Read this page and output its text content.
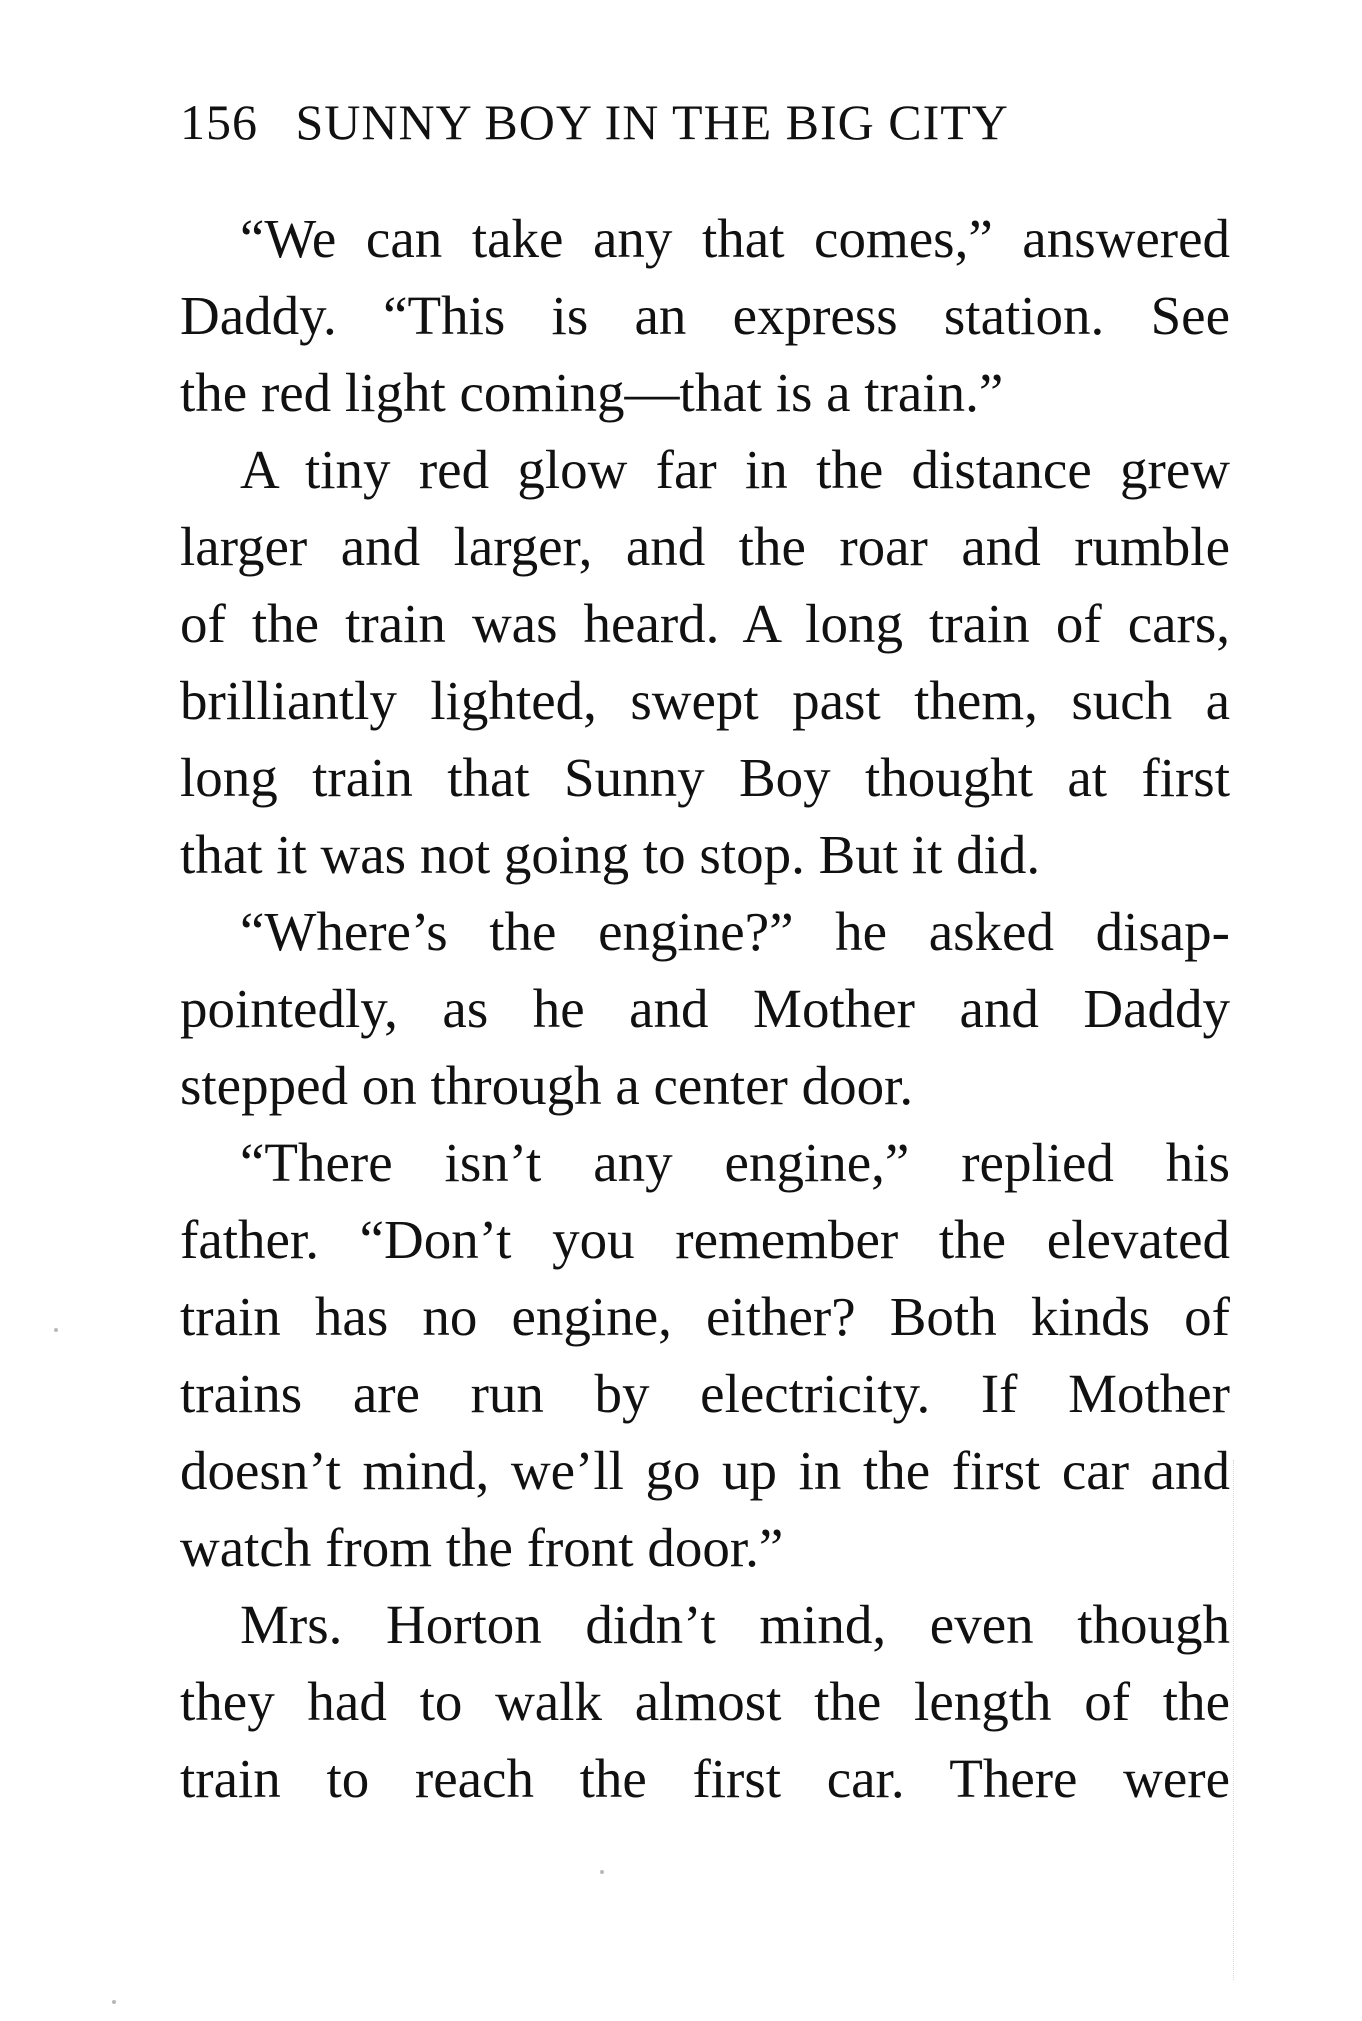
156 SUNNY BOY IN THE BIG CITY
“We can take any that comes,” answered
Daddy. “This is an express station. See
the red light coming—that is a train.”
A tiny red glow far in the distance grew
larger and larger, and the roar and rumble
of the train was heard. A long train of cars,
brilliantly lighted, swept past them, such a
long train that Sunny Boy thought at first
that it was not going to stop. But it did.
“Where’s the engine?” he asked disap-
pointedly, as he and Mother and Daddy
stepped on through a center door.
“There isn’t any engine,” replied his
father. “Don’t you remember the elevated
train has no engine, either? Both kinds of
trains are run by electricity. If Mother
doesn’t mind, we’ll go up in the first car and
watch from the front door.”
Mrs. Horton didn’t mind, even though
they had to walk almost the length of the
train to reach the first car. There were
